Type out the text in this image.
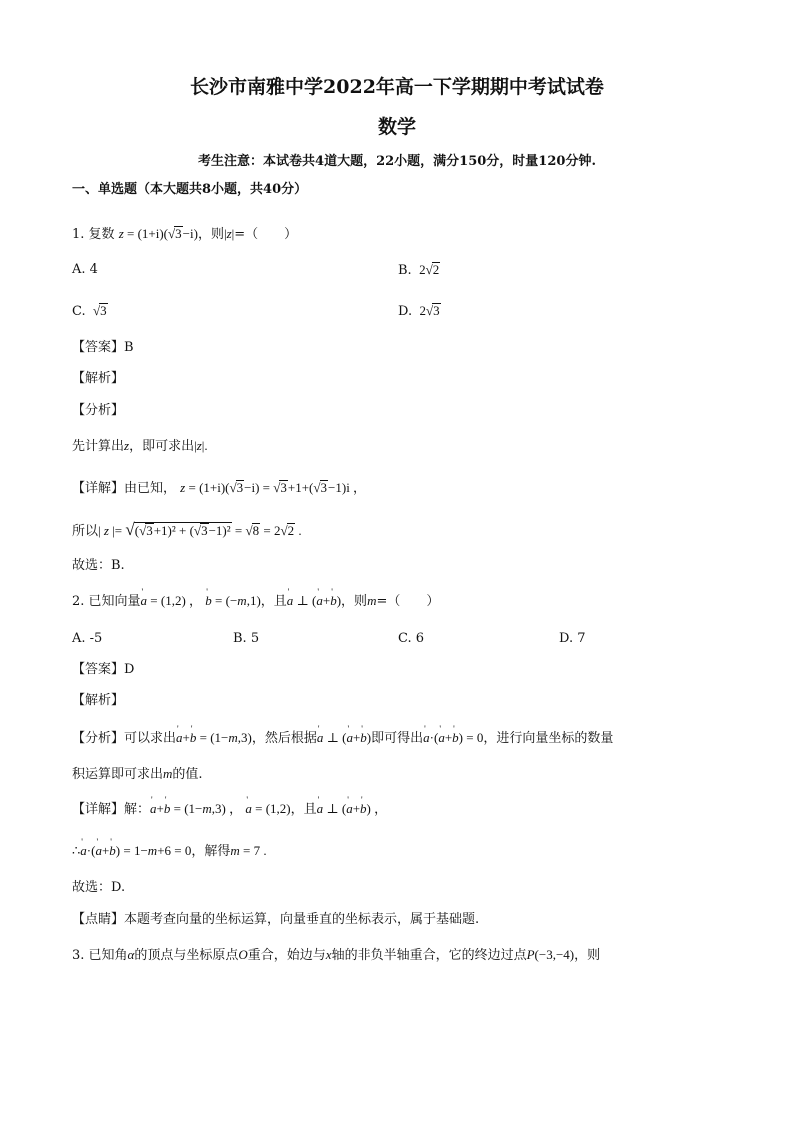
长沙市南雅中学2022年高一下学期期中考试试卷
数学
考生注意：本试卷共4道大题，22小题，满分150分，时量120分钟.
一、单选题（本大题共8小题，共40分）
1. 复数 z = (1+i)(√3−i)，则|z|=（　　）
A. 4	B.  2√2
C. √3	D.  2√3
【答案】B
【解析】
【分析】
先计算出z，即可求出|z|.
【详解】由已知， z = (1+i)(√3−i) = √3+1+(√3−1)i ，
所以| z |= √(√3+1)² + (√3−1)² = √8 = 2√2 .
故选：B.
2. 已知向量' a = (1,2) ， ' b = (−m,1)，且' a ⊥ (' a+' b)，则m=（　　）
A. -5	B. 5	C. 6	D. 7
【答案】D
【解析】
【分析】可以求出' a+' b = (1−m,3)，然后根据' a ⊥ (' a+' b)即可得出' a·(' a+' b) = 0，进行向量坐标的数量
积运算即可求出m的值.
【详解】解：' a+' b = (1−m,3) ， ' a = (1,2)，且' a ⊥ (' a+' b) ，
∴' a·(' a+' b) = 1−m+6 = 0，解得m = 7 .
故选：D.
【点睛】本题考查向量的坐标运算，向量垂直的坐标表示，属于基础题.
3. 已知角α的顶点与坐标原点O重合，始边与x轴的非负半轴重合，它的终边过点P(−3,−4)，则
